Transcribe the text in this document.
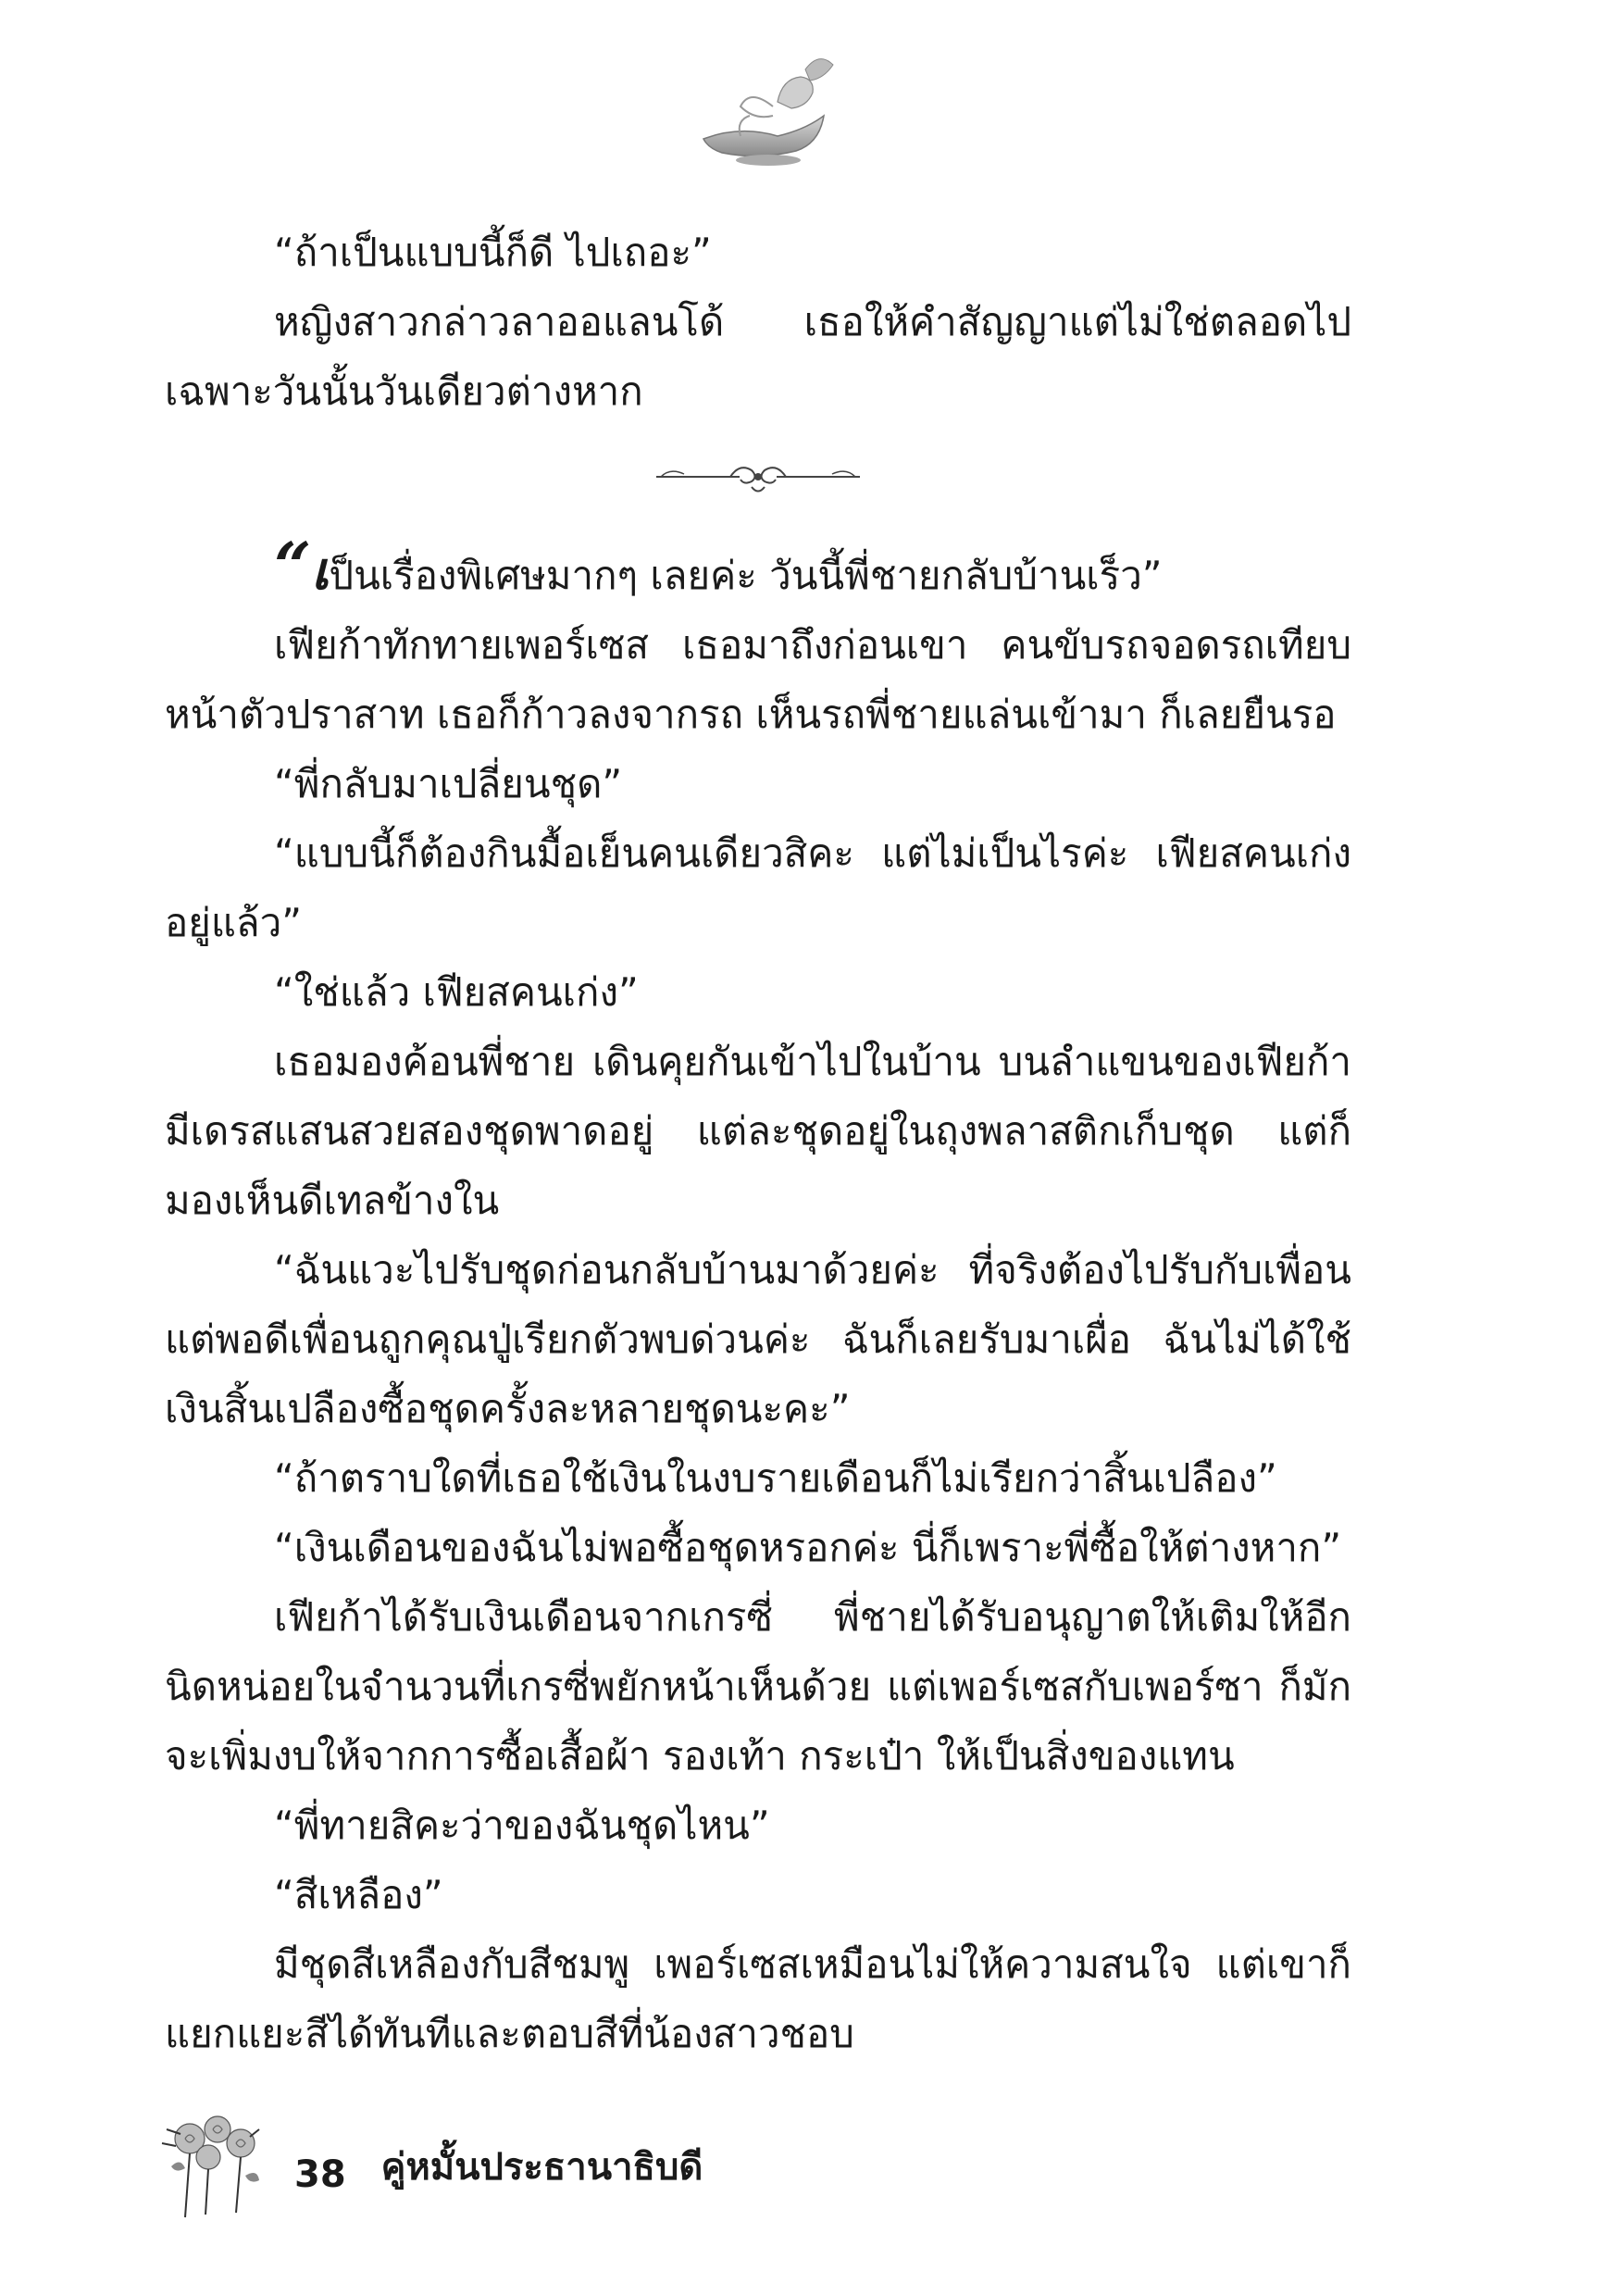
“ถ้าเป็นแบบนี้ก็ดี ไปเถอะ”

หญิงสาวกล่าวลาออแลนโด้ เธอให้คำสัญญาแต่ไม่ใช่ตลอดไป เฉพาะวันนั้นวันเดียวต่างหาก

“เป็นเรื่องพิเศษมากๆ เลยค่ะ วันนี้พี่ชายกลับบ้านเร็ว”

เฟียก้าทักทายเพอร์เซส เธอมาถึงก่อนเขา คนขับรถจอดรถเทียบหน้าตัวปราสาท เธอก็ก้าวลงจากรถ เห็นรถพี่ชายแล่นเข้ามา ก็เลยยืนรอ

“พี่กลับมาเปลี่ยนชุด”

“แบบนี้ก็ต้องกินมื้อเย็นคนเดียวสิคะ แต่ไม่เป็นไรค่ะ เฟียสคนเก่งอยู่แล้ว”

“ใช่แล้ว เฟียสคนเก่ง”

เธอมองค้อนพี่ชาย เดินคุยกันเข้าไปในบ้าน บนลำแขนของเฟียก้ามีเดรสแสนสวยสองชุดพาดอยู่ แต่ละชุดอยู่ในถุงพลาสติกเก็บชุด แต่ก็มองเห็นดีเทลข้างใน

“ฉันแวะไปรับชุดก่อนกลับบ้านมาด้วยค่ะ ที่จริงต้องไปรับกับเพื่อนแต่พอดีเพื่อนถูกคุณปู่เรียกตัวพบด่วนค่ะ ฉันก็เลยรับมาเผื่อ ฉันไม่ได้ใช้เงินสิ้นเปลืองซื้อชุดครั้งละหลายชุดนะคะ”

“ถ้าตราบใดที่เธอใช้เงินในงบรายเดือนก็ไม่เรียกว่าสิ้นเปลือง”

“เงินเดือนของฉันไม่พอซื้อชุดหรอกค่ะ นี่ก็เพราะพี่ซื้อให้ต่างหาก”

เฟียก้าได้รับเงินเดือนจากเกรซี่ พี่ชายได้รับอนุญาตให้เติมให้อีกนิดหน่อยในจำนวนที่เกรซี่พยักหน้าเห็นด้วย แต่เพอร์เซสกับเพอร์ซา ก็มักจะเพิ่มงบให้จากการซื้อเสื้อผ้า รองเท้า กระเป๋า ให้เป็นสิ่งของแทน

“พี่ทายสิคะว่าของฉันชุดไหน”

“สีเหลือง”

มีชุดสีเหลืองกับสีชมพู เพอร์เซสเหมือนไม่ให้ความสนใจ แต่เขาก็แยกแยะสีได้ทันทีและตอบสีที่น้องสาวชอบ

38 คู่หมั้นประธานาธิบดี
